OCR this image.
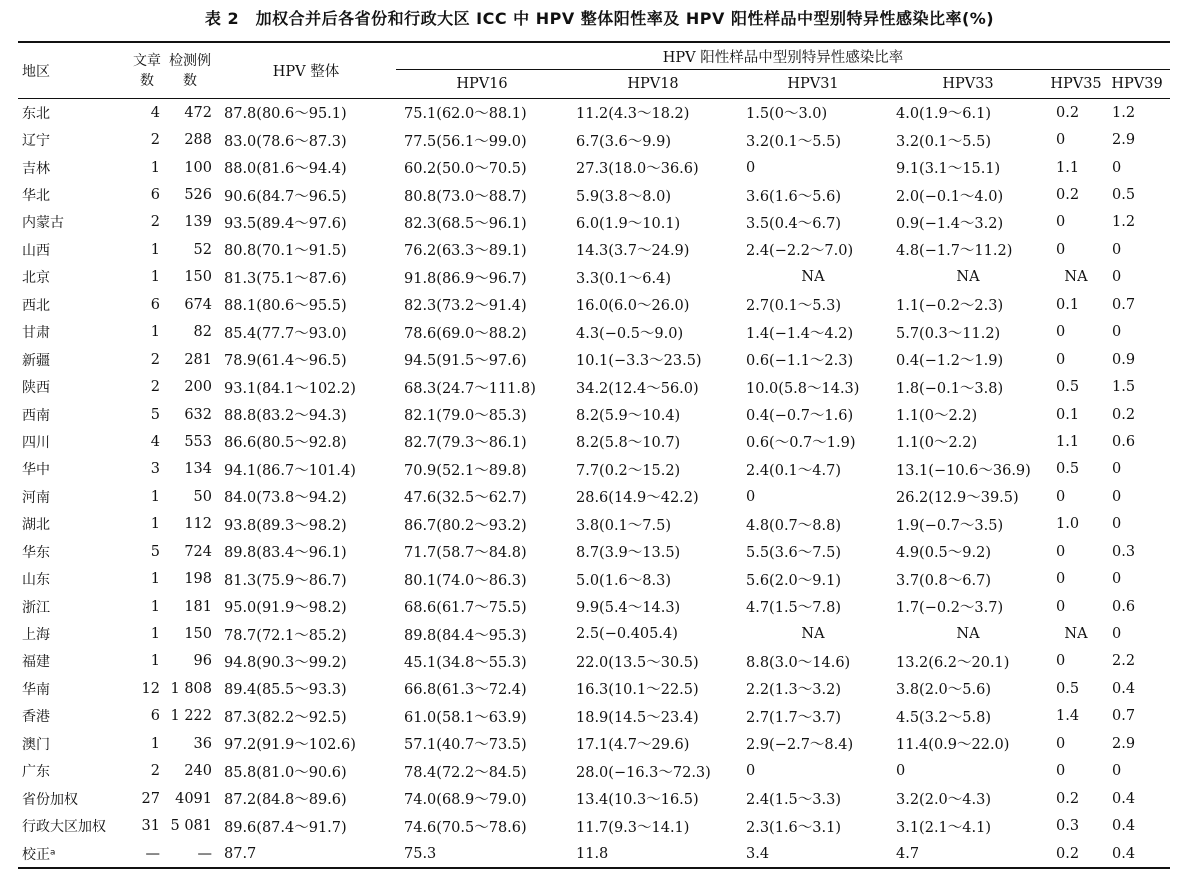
表 2　加权合并后各省份和行政大区 ICC 中 HPV 整体阳性率及 HPV 阳性样品中型别特异性感染比率(%)
地区	文章数	检测例数	HPV 整体	HPV 阳性样品中型别特异性感染比率					
				HPV16	HPV18	HPV31	HPV33	HPV35	HPV39
东北	4	472	87.8(80.6～95.1)	75.1(62.0～88.1)	11.2(4.3～18.2)	1.5(0～3.0)	4.0(1.9～6.1)	0.2	1.2
辽宁	2	288	83.0(78.6～87.3)	77.5(56.1～99.0)	6.7(3.6～9.9)	3.2(0.1～5.5)	3.2(0.1～5.5)	0	2.9
吉林	1	100	88.0(81.6～94.4)	60.2(50.0～70.5)	27.3(18.0～36.6)	0	9.1(3.1～15.1)	1.1	0
华北	6	526	90.6(84.7～96.5)	80.8(73.0～88.7)	5.9(3.8～8.0)	3.6(1.6～5.6)	2.0(−0.1～4.0)	0.2	0.5
内蒙古	2	139	93.5(89.4～97.6)	82.3(68.5～96.1)	6.0(1.9～10.1)	3.5(0.4～6.7)	0.9(−1.4～3.2)	0	1.2
山西	1	52	80.8(70.1～91.5)	76.2(63.3～89.1)	14.3(3.7～24.9)	2.4(−2.2～7.0)	4.8(−1.7～11.2)	0	0
北京	1	150	81.3(75.1～87.6)	91.8(86.9～96.7)	3.3(0.1～6.4)	NA	NA	NA	0
西北	6	674	88.1(80.6～95.5)	82.3(73.2～91.4)	16.0(6.0～26.0)	2.7(0.1～5.3)	1.1(−0.2～2.3)	0.1	0.7
甘肃	1	82	85.4(77.7～93.0)	78.6(69.0～88.2)	4.3(−0.5～9.0)	1.4(−1.4～4.2)	5.7(0.3～11.2)	0	0
新疆	2	281	78.9(61.4～96.5)	94.5(91.5～97.6)	10.1(−3.3～23.5)	0.6(−1.1～2.3)	0.4(−1.2～1.9)	0	0.9
陕西	2	200	93.1(84.1～102.2)	68.3(24.7～111.8)	34.2(12.4～56.0)	10.0(5.8～14.3)	1.8(−0.1～3.8)	0.5	1.5
西南	5	632	88.8(83.2～94.3)	82.1(79.0～85.3)	8.2(5.9～10.4)	0.4(−0.7～1.6)	1.1(0～2.2)	0.1	0.2
四川	4	553	86.6(80.5～92.8)	82.7(79.3～86.1)	8.2(5.8～10.7)	0.6(～0.7～1.9)	1.1(0～2.2)	1.1	0.6
华中	3	134	94.1(86.7～101.4)	70.9(52.1～89.8)	7.7(0.2～15.2)	2.4(0.1～4.7)	13.1(−10.6～36.9)	0.5	0
河南	1	50	84.0(73.8～94.2)	47.6(32.5～62.7)	28.6(14.9～42.2)	0	26.2(12.9～39.5)	0	0
湖北	1	112	93.8(89.3～98.2)	86.7(80.2～93.2)	3.8(0.1～7.5)	4.8(0.7～8.8)	1.9(−0.7～3.5)	1.0	0
华东	5	724	89.8(83.4～96.1)	71.7(58.7～84.8)	8.7(3.9～13.5)	5.5(3.6～7.5)	4.9(0.5～9.2)	0	0.3
山东	1	198	81.3(75.9～86.7)	80.1(74.0～86.3)	5.0(1.6～8.3)	5.6(2.0～9.1)	3.7(0.8～6.7)	0	0
浙江	1	181	95.0(91.9～98.2)	68.6(61.7～75.5)	9.9(5.4～14.3)	4.7(1.5～7.8)	1.7(−0.2～3.7)	0	0.6
上海	1	150	78.7(72.1～85.2)	89.8(84.4～95.3)	2.5(−0.405.4)	NA	NA	NA	0
福建	1	96	94.8(90.3～99.2)	45.1(34.8～55.3)	22.0(13.5～30.5)	8.8(3.0～14.6)	13.2(6.2～20.1)	0	2.2
华南	12	1 808	89.4(85.5～93.3)	66.8(61.3～72.4)	16.3(10.1～22.5)	2.2(1.3～3.2)	3.8(2.0～5.6)	0.5	0.4
香港	6	1 222	87.3(82.2～92.5)	61.0(58.1～63.9)	18.9(14.5～23.4)	2.7(1.7～3.7)	4.5(3.2～5.8)	1.4	0.7
澳门	1	36	97.2(91.9～102.6)	57.1(40.7～73.5)	17.1(4.7～29.6)	2.9(−2.7～8.4)	11.4(0.9～22.0)	0	2.9
广东	2	240	85.8(81.0～90.6)	78.4(72.2～84.5)	28.0(−16.3～72.3)	0	0	0	0
省份加权	27	4091	87.2(84.8～89.6)	74.0(68.9～79.0)	13.4(10.3～16.5)	2.4(1.5～3.3)	3.2(2.0～4.3)	0.2	0.4
行政大区加权	31	5 081	89.6(87.4～91.7)	74.6(70.5～78.6)	11.7(9.3～14.1)	2.3(1.6～3.1)	3.1(2.1～4.1)	0.3	0.4
校正ᵃ	—	—	87.7	75.3	11.8	3.4	4.7	0.2	0.4
